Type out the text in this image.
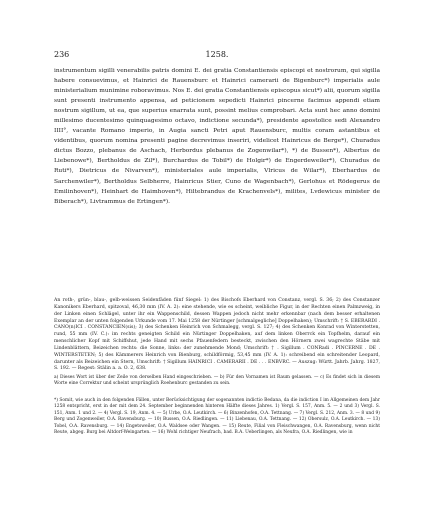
236	1258.

instrumentum sigilli venerabilis patris domini E. dei gratia Constantiensis episcopi et nostrorum, qui sigilla habere consuevimus, et Hainrici de Rauensburc et Hainrici camerarii de Bigenburc*) imperialis aule ministerialium munimine roboravimus. Nos E. dei gratia Constantiensis episcopus sicut*) alii, quorum sigilla sunt presenti instrumento appensa, ad peticionem sepedicti Hainrici pincerne facimus appendi etiam nostrum sigillum, ut ea, que superius enarrata sunt, possint melius comprobari. Acta sunt hec anno domini millesimo ducentesimo quinquagesimo octavo, indictione secunda*), presidente apostolice sedi Alexandro IIII°, vacante Romano imperio, in Augia sancti Petri aput Rauensburc, multis coram astantibus et videntibus, quorum nomina presenti pagine decrevimus inseriri, videlicet Hainricus de Berge*), Churadus dictus Bozzo, plebanus de Aschach, Herbordus plebanus de Zogenwilar*), *) de Bussen*), Albertus de Liebenowe*), Bertholdus de Zil*), Burchardus de Tobil*) de Holgir*) de Engerdeweiler*), Churadus de Ruti*), Dietricus de Nivarven*), ministeriales aule imperialis, Vlricus de Wilar*), Eberhardus de Sarchenwiler*), Bertholdus Selbherre, Hainricus Stier, Cuno de Wagenbach*), Gerlohus et Rödegerus de Emilinhoven*), Heinhart de Haimhoven*), Hiltebrandus de Krachenvels*), milites, Lvdewicus minister de Biberach*), Livtrammus de Ertingen*).

An roth-, grün-, blau-, gelb-weissen Seidenfäden fünf Siegel: 1) des Bischofs Eberhard von Constanz, vergl. S. 36; 2) des Constanzer Kanonikers Eberhard, spitzoval, 46,30 mm (IV. A. 2): eine stehende, wie es scheint, weibliche Figur, in der Rechten einen Palmzweig, in der Linken einen Schlägel, unter ihr ein Wappenschild, dessen Wappen jedoch nicht mehr erkennbar (nach dem besser erhaltenen Exemplar an der unten folgenden Urkunde vom 17. Mai 1258 der Nürtinger [schmalgegliche] Doppelhaken); Umschrift: † S. EBERARDI . CANO(n)ICI . CONSTANCIEN(sis); 3) des Schenken Heinrich von Schmalegg, vergl. S. 127; 4) des Schenken Konrad von Winterstetten, rund, 55 mm (IV. C.): im rechts geneigten Schild ein Nürtinger Doppelhaken, auf dem linken Oberrck ein Topfhelm, darauf ein menschlicher Kopf mit Schiffshut, jede Hand mit sechs Pfauenfedern besteckt, zwischen den Hörnern zwei wagrechte Stäbe mit Lindenblättern, Beizeichen rechts: die Sonne, links: der zunehmende Mond; Umschrift: † . Sigillum . CONRadi . PINCERNE . DE . WINTERSTETEN; 5) des Kämmerers Heinrich von Bienburg, schildförmig, 53,45 mm (IV. A. 1): schreibend ein schreitender Leopard, darunter als Beizeichen ein Stern, Umschrift: † Sigillum HAINRICI . CAMERARII . DE . . . ENBVRC. — Auszug: Württ. Jahrb. Jahrg. 1827, S. 192. — Regest: Stälin a. a. O. 2, 638.

a) Dieses Wort ist über der Zeile von derselben Hand eingeschrieben. — b) Für den Vornamen ist Raum gelassen. — c) Es findet sich in diesem Worte eine Correktur und scheint ursprünglich Roehenburc gestanden zu sein.

*) Somit, wie auch in den folgenden Fällen, unter Berücksichtigung der sogenannten indictio Bedana, da die indiction I im Allgemeinen dem Jahr 1258 entspricht, erst in der mit dem 24. September beginnenden hinteren Hälfte dieses Jahres. 1) Vergl. S. 157, Anm. 5. — 2 und 3) Vergl. S. 151, Anm. 1 und 2. — 4) Vergl. S. 19, Anm. 4. — 5) Urbe, O.A. Leutkirch. — 6) Binzenhofen, O.A. Tettnang. — 7) Vergl. S. 212, Anm. 3. — 8 und 9) Berg und Zogenweiler, O.A. Ravensburg. — 10) Bussen, O.A. Riedlingen. — 11) Liebenau, O.A. Tettnang. — 12) Obersulz, O.A. Leutkirch. — 13) Tobel, O.A. Ravensburg. — 14) Engetsweiler, O.A. Waldsee oder Wangen. — 15) Reute, Filial von Fleischwangen, O.A. Ravensburg, wenn nicht Reute, abgeg. Burg bei Altdorf-Weingarten. — 16) Wohl richtiger Neufrach, bad. B.A. Ueberlingen, als Neufra, O.A. Riedlingen, wie in
